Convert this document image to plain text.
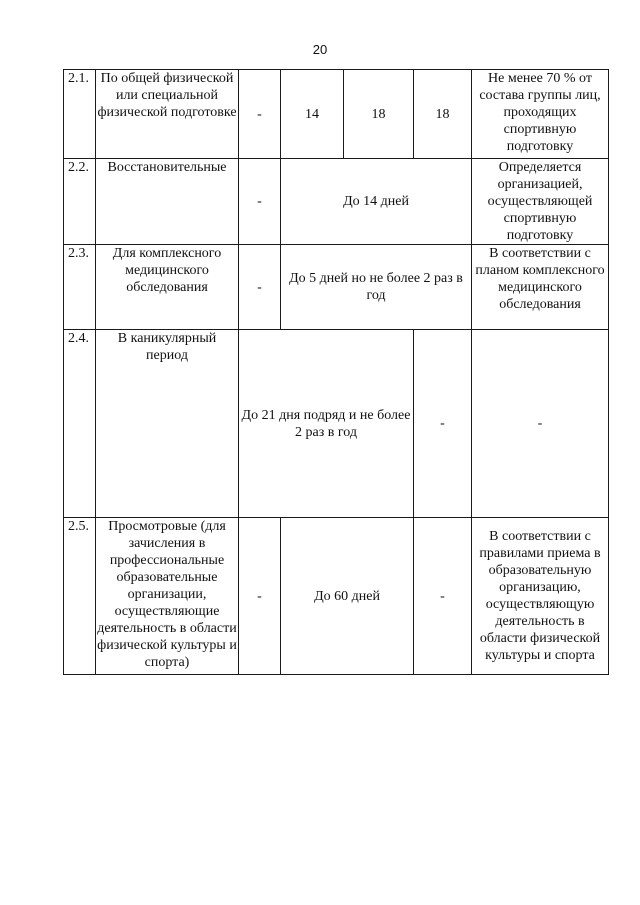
20
2.1.	По общей физической или специальной физической подготовке	-	14	18	18	Не менее 70 % от состава группы лиц, проходящих спортивную подготовку	
2.2.	Восстановительные	-	До 14 дней			Определяется организацией, осуществляющей спортивную подготовку	
2.3.	Для комплексного медицинского обследования	-	До 5 дней но не более 2 раз в год			В соответствии с планом комплексного медицинского обследования	
2.4.	В каникулярный период	До 21 дня подряд и не более 2 раз в год			-	-	
2.5.	Просмотровые (для зачисления в профессиональные образовательные организации, осуществляющие деятельность в области физической культуры и спорта)	-	До 60 дней		-	В соответствии с правилами приема в образовательную организацию, осуществляющую деятельность в области физической культуры и спорта	
